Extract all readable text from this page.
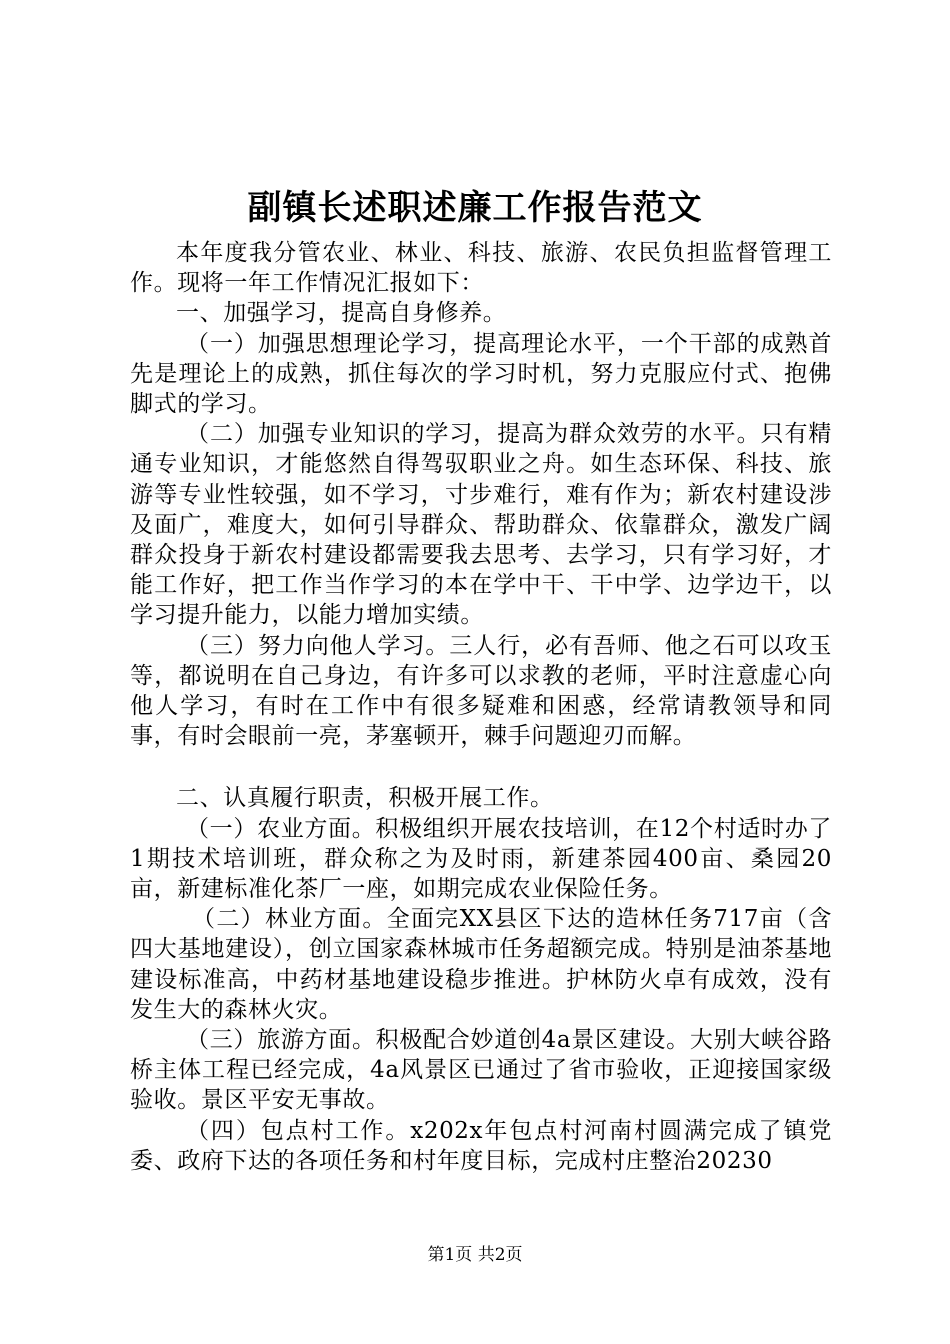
副镇长述职述廉工作报告范文

本年度我分管农业、林业、科技、旅游、农民负担监督管理工作。现将一年工作情况汇报如下：

一、加强学习，提高自身修养。

（一）加强思想理论学习，提高理论水平，一个干部的成熟首先是理论上的成熟，抓住每次的学习时机，努力克服应付式、抱佛脚式的学习。

（二）加强专业知识的学习，提高为群众效劳的水平。只有精通专业知识，才能悠然自得驾驭职业之舟。如生态环保、科技、旅游等专业性较强，如不学习，寸步难行，难有作为；新农村建设涉及面广，难度大，如何引导群众、帮助群众、依靠群众，激发广阔群众投身于新农村建设都需要我去思考、去学习，只有学习好，才能工作好，把工作当作学习的本在学中干、干中学、边学边干，以学习提升能力，以能力增加实绩。

（三）努力向他人学习。三人行，必有吾师、他之石可以攻玉等，都说明在自己身边，有许多可以求教的老师，平时注意虚心向他人学习，有时在工作中有很多疑难和困惑，经常请教领导和同事，有时会眼前一亮，茅塞顿开，棘手问题迎刃而解。

二、认真履行职责，积极开展工作。

（一）农业方面。积极组织开展农技培训，在12个村适时办了1期技术培训班，群众称之为及时雨，新建茶园400亩、桑园20亩，新建标准化茶厂一座，如期完成农业保险任务。

（二）林业方面。全面完XX县区下达的造林任务717亩（含四大基地建设），创立国家森林城市任务超额完成。特别是油茶基地建设标准高，中药材基地建设稳步推进。护林防火卓有成效，没有发生大的森林火灾。

（三）旅游方面。积极配合妙道创4a景区建设。大别大峡谷路桥主体工程已经完成，4a风景区已通过了省市验收，正迎接国家级验收。景区平安无事故。

（四）包点村工作。x202x年包点村河南村圆满完成了镇党委、政府下达的各项任务和村年度目标，完成村庄整治20230

第1页 共2页
